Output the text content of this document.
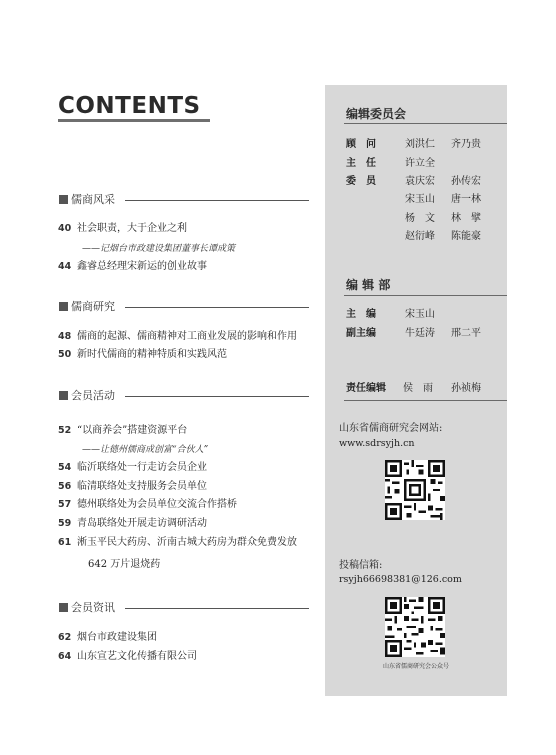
CONTENTS
儒商风采
40 社会职责，大于企业之利
——记烟台市政建设集团董事长谭成策
44 鑫睿总经理宋新运的创业故事
儒商研究
48 儒商的起源、儒商精神对工商业发展的影响和作用
50 新时代儒商的精神特质和实践风范
会员活动
52 “以商养会”搭建资源平台
——让德州儒商成创富“合伙人”
54 临沂联络处一行走访会员企业
56 临清联络处支持服务会员单位
57 德州联络处为会员单位交流合作搭桥
59 青岛联络处开展走访调研活动
61 淅玉平民大药房、沂南古城大药房为群众免费发放
642 万片退烧药
会员资讯
62 烟台市政建设集团
64 山东宣艺文化传播有限公司
编辑委员会
顾　问	刘洪仁 齐乃贵
主　任	许立全
委　员	袁庆宏 孙传宏
宋玉山 唐一林
杨　文 林　擘
赵衍峰 陈能豪
编 辑 部
主　编	宋玉山
副主编	牛廷涛 邢二平
责任编辑 侯　雨 孙祯梅
山东省儒商研究会网站:
www.sdrsyjh.cn
投稿信箱:
rsyjh66698381@126.com
山东省儒商研究会公众号
